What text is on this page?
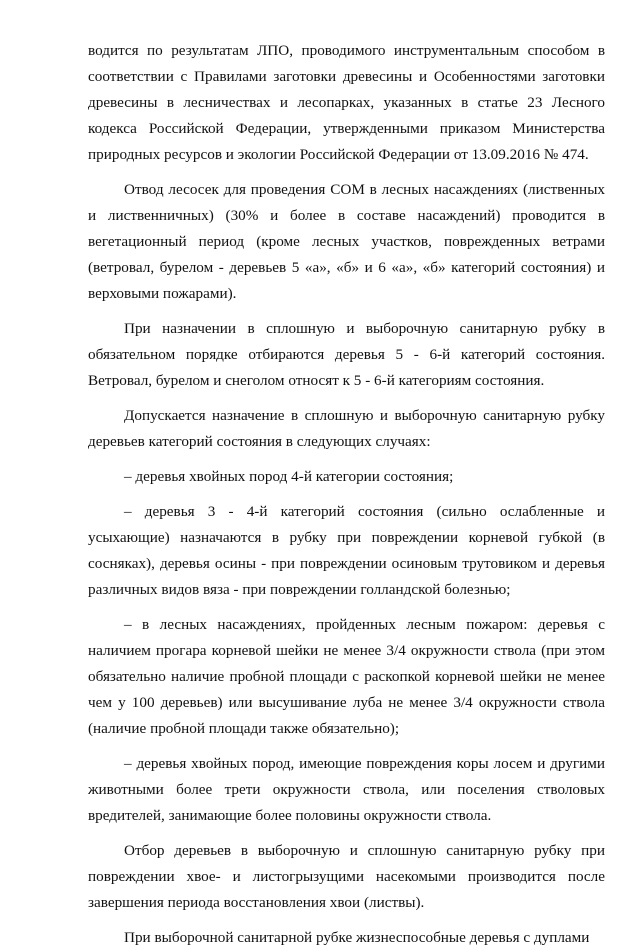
водится по результатам ЛПО, проводимого инструментальным способом в соответствии с Правилами заготовки древесины и Особенностями заготовки древесины в лесничествах и лесопарках, указанных в статье 23 Лесного кодекса Российской Федерации, утвержденными приказом Министерства природных ресурсов и экологии Российской Федерации от 13.09.2016 № 474.

Отвод лесосек для проведения СОМ в лесных насаждениях (лиственных и лиственничных) (30% и более в составе насаждений) проводится в вегетационный период (кроме лесных участков, поврежденных ветрами (ветровал, бурелом - деревьев 5 «а», «б» и 6 «а», «б» категорий состояния) и верховыми пожарами).

При назначении в сплошную и выборочную санитарную рубку в обязательном порядке отбираются деревья 5 - 6-й категорий состояния. Ветровал, бурелом и снеголом относят к 5 - 6-й категориям состояния.

Допускается назначение в сплошную и выборочную санитарную рубку деревьев категорий состояния в следующих случаях:

– деревья хвойных пород 4-й категории состояния;

– деревья 3 - 4-й категорий состояния (сильно ослабленные и усыхающие) назначаются в рубку при повреждении корневой губкой (в сосняках), деревья осины - при повреждении осиновым трутовиком и деревья различных видов вяза - при повреждении голландской болезнью;

– в лесных насаждениях, пройденных лесным пожаром: деревья с наличием прогара корневой шейки не менее 3/4 окружности ствола (при этом обязательно наличие пробной площади с раскопкой корневой шейки не менее чем у 100 деревьев) или высушивание луба не менее 3/4 окружности ствола (наличие пробной площади также обязательно);

– деревья хвойных пород, имеющие повреждения коры лосем и другими животными более трети окружности ствола, или поселения стволовых вредителей, занимающие более половины окружности ствола.

Отбор деревьев в выборочную и сплошную санитарную рубку при повреждении хвое- и листогрызущими насекомыми производится после завершения периода восстановления хвои (листвы).

При выборочной санитарной рубке жизнеспособные деревья с дуплами
